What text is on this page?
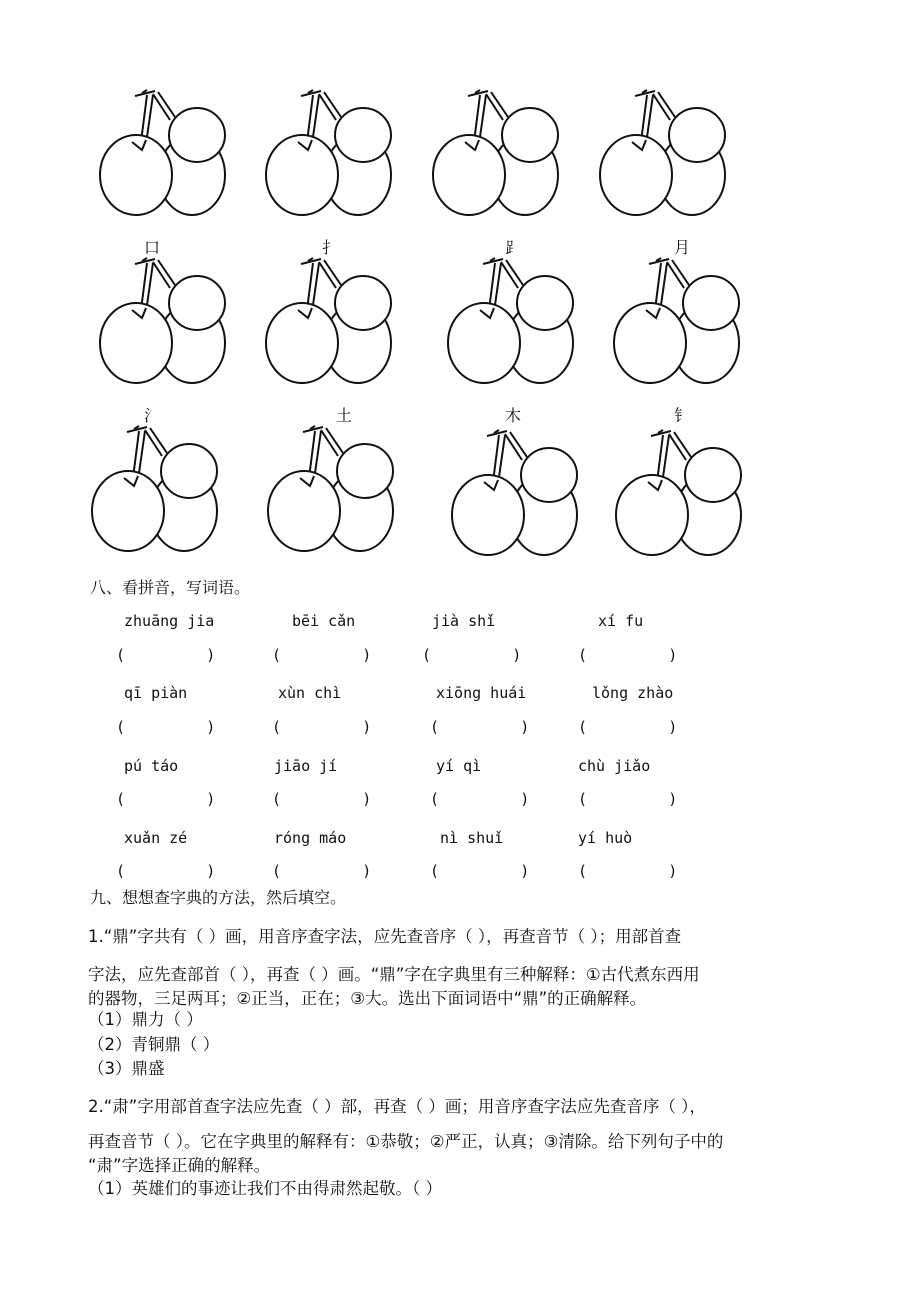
口	扌	⻊	月
氵	土	木	钅
八、看拼音，写词语。
zhuāng jia	bēi cǎn	jià shǐ	xí fu
(         )	(         )	(         )	(         )
qī piàn	xùn chì	xiōng huái	lǒng zhào
(         )	(         )	(         )	(         )
pú táo	jiāo jí	yí qì	chù jiǎo
(         )	(         )	(         )	(         )
xuǎn zé	róng máo	nì shuǐ	yí huò
(         )	(         )	(         )	(         )
九、想想查字典的方法，然后填空。
1.“鼎”字共有（ ）画，用音序查字法，应先查音序（ ），再查音节（ ）；用部首查
字法，应先查部首（ ），再查（ ）画。“鼎”字在字典里有三种解释：①古代煮东西用
的器物，三足两耳；②正当，正在；③大。选出下面词语中“鼎”的正确解释。
（1）鼎力（ ）
（2）青铜鼎（ ）
（3）鼎盛
2.“肃”字用部首查字法应先查（ ）部，再查（ ）画；用音序查字法应先查音序（ ），
再查音节（ ）。它在字典里的解释有：①恭敬；②严正，认真；③清除。给下列句子中的
“肃”字选择正确的解释。
（1）英雄们的事迹让我们不由得肃然起敬。（ ）
